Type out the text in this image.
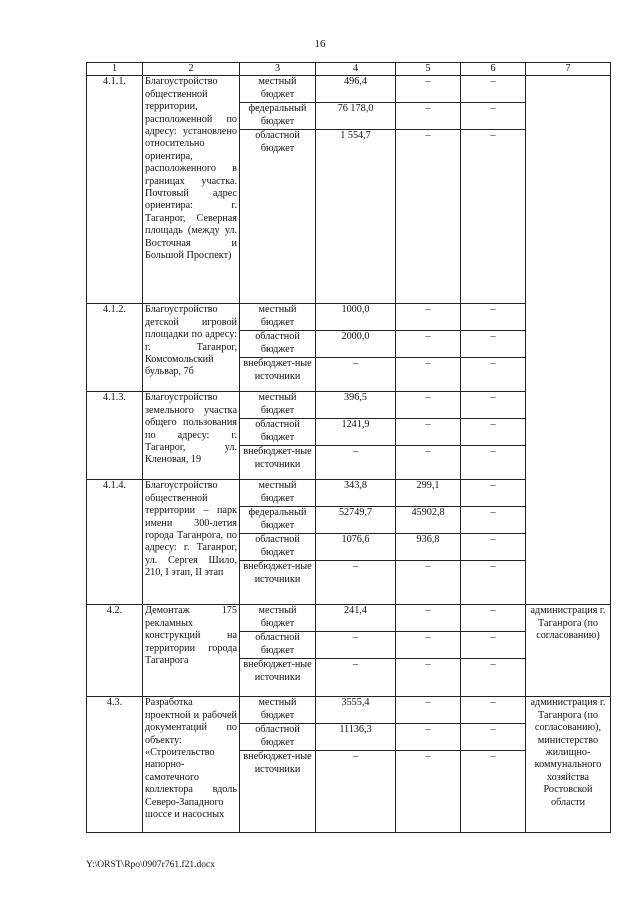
16
1	2	3	4	5	6	7
4.1.1.	Благоустройство общественной территории, расположенной по адресу: установлено относительно ориентира, расположенного в границах участка. Почтовый адрес ориентира: г. Таганрог, Северная площадь (между ул. Восточная и Большой Проспект)	местный бюджет	496,4	–	–	
		федеральный бюджет	76 178,0	–	–	
		областной бюджет	1 554,7	–	–	
4.1.2.	Благоустройство детской игровой площадки по адресу: г. Таганрог, Комсомольский бульвар, 7б	местный бюджет	1000,0	–	–	
		областной бюджет	2000,0	–	–	
		внебюджет-ные источники	–	–	–	
4.1.3.	Благоустройство земельного участка общего пользования по адресу: г. Таганрог, ул. Кленовая, 19	местный бюджет	396,5	–	–	
		областной бюджет	1241,9	–	–	
		внебюджет-ные источники	–	–	–	
4.1.4.	Благоустройство общественной территории – парк имени 300-летия города Таганрога, по адресу: г. Таганрог, ул. Сергея Шило, 210, I этап, II этап	местный бюджет	343,8	299,1	–	
		федеральный бюджет	52749,7	45902,8	–	
		областной бюджет	1076,6	936,8	–	
		внебюджет-ные источники	–	–	–	
4.2.	Демонтаж 175 рекламных конструкций на территории города Таганрога	местный бюджет	241,4	–	–	администрация г. Таганрога (по согласованию)
		областной бюджет	–	–	–	
		внебюджет-ные источники	–	–	–	
4.3.	Разработка проектной и рабочей документаций по объекту: «Строительство напорно-самотечного коллектора вдоль Северо-Западного шоссе и насосных	местный бюджет	3555,4	–	–	администрация г. Таганрога (по согласованию), министерство жилищно-коммунального хозяйства Ростовской области
		областной бюджет	11136,3	–	–	
		внебюджет-ные источники	–	–	–	
Y:\ORST\Rpo\0907r761.f21.docx
